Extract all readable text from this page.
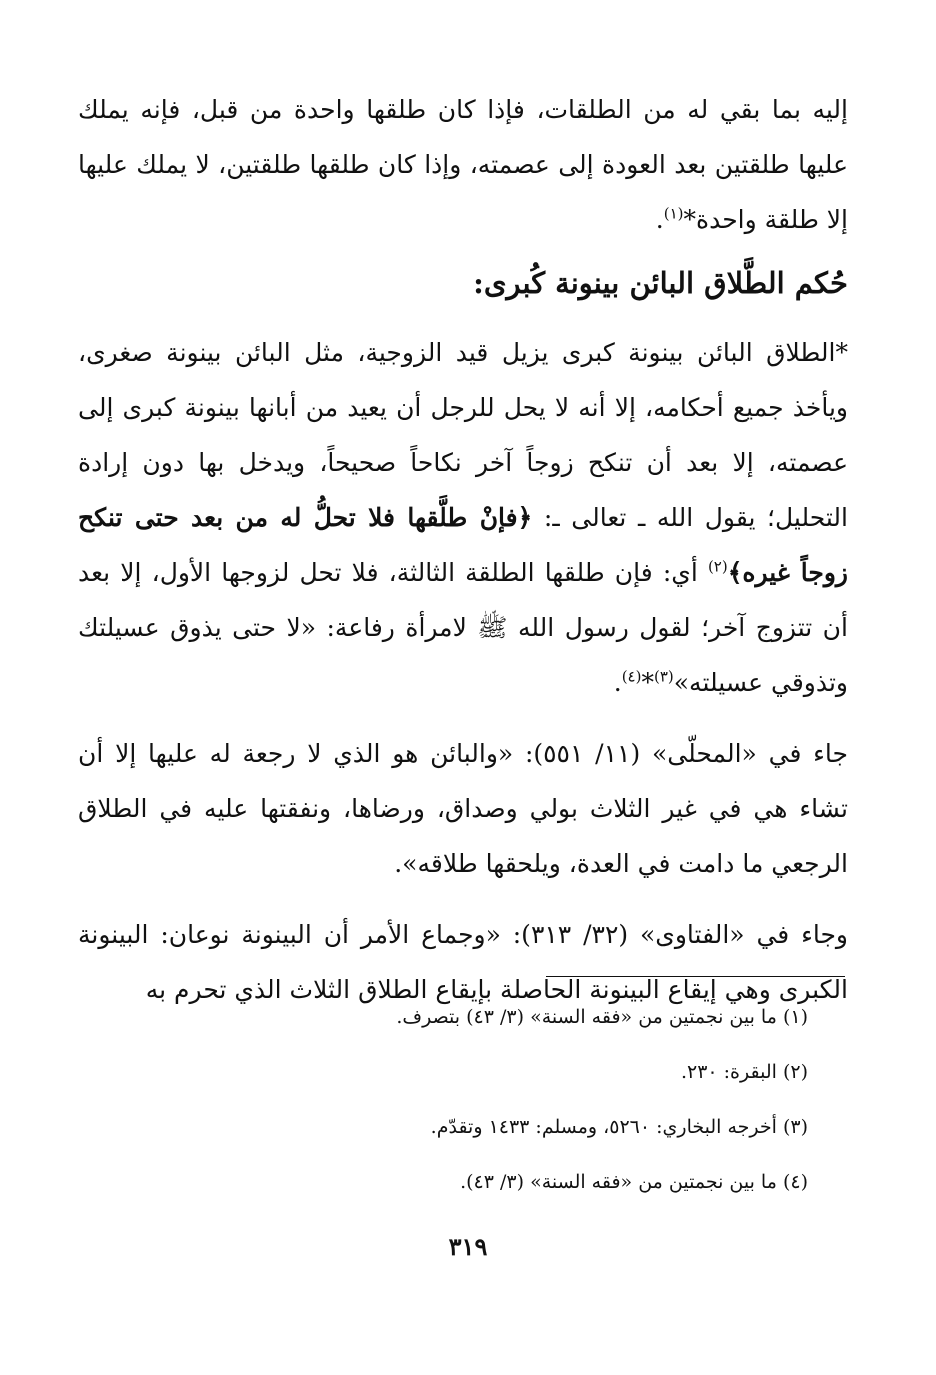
إليه بما بقي له من الطلقات، فإذا كان طلقها واحدة من قبل، فإنه يملك عليها طلقتين بعد العودة إلى عصمته، وإذا كان طلقها طلقتين، لا يملك عليها إلا طلقة واحدة*$^{(١)}$.

حُكم الطَّلاق البائن بينونة كُبرى:

*الطلاق البائن بينونة كبرى يزيل قيد الزوجية، مثل البائن بينونة صغرى، ويأخذ جميع أحكامه، إلا أنه لا يحل للرجل أن يعيد من أبانها بينونة كبرى إلى عصمته، إلا بعد أن تنكح زوجاً آخر نكاحاً صحيحاً، ويدخل بها دون إرادة التحليل؛ يقول الله ـ تعالى ـ: ﴿فإنْ طلَّقها فلا تحلُّ له من بعد حتى تنكح زوجاً غيره﴾$^{(٢)}$ أي: فإن طلقها الطلقة الثالثة، فلا تحل لزوجها الأول، إلا بعد أن تتزوج آخر؛ لقول رسول الله ﷺ لامرأة رفاعة: «لا حتى يذوق عسيلتك وتذوقي عسيلته»$^{(٣)}$*$^{(٤)}$.

جاء في «المحلّى» (١١/ ٥٥١): «والبائن هو الذي لا رجعة له عليها إلا أن تشاء هي في غير الثلاث بولي وصداق، ورضاها، ونفقتها عليه في الطلاق الرجعي ما دامت في العدة، ويلحقها طلاقه».

وجاء في «الفتاوى» (٣٢/ ٣١٣): «وجماع الأمر أن البينونة نوعان: البينونة الكبرى وهي إيقاع البينونة الحاصلة بإيقاع الطلاق الثلاث الذي تحرم به

(١) ما بين نجمتين من «فقه السنة» (٣/ ٤٣) بتصرف.

(٢) البقرة: ٢٣٠.

(٣) أخرجه البخاري: ٥٢٦٠، ومسلم: ١٤٣٣ وتقدّم.

(٤) ما بين نجمتين من «فقه السنة» (٣/ ٤٣).

٣١٩
